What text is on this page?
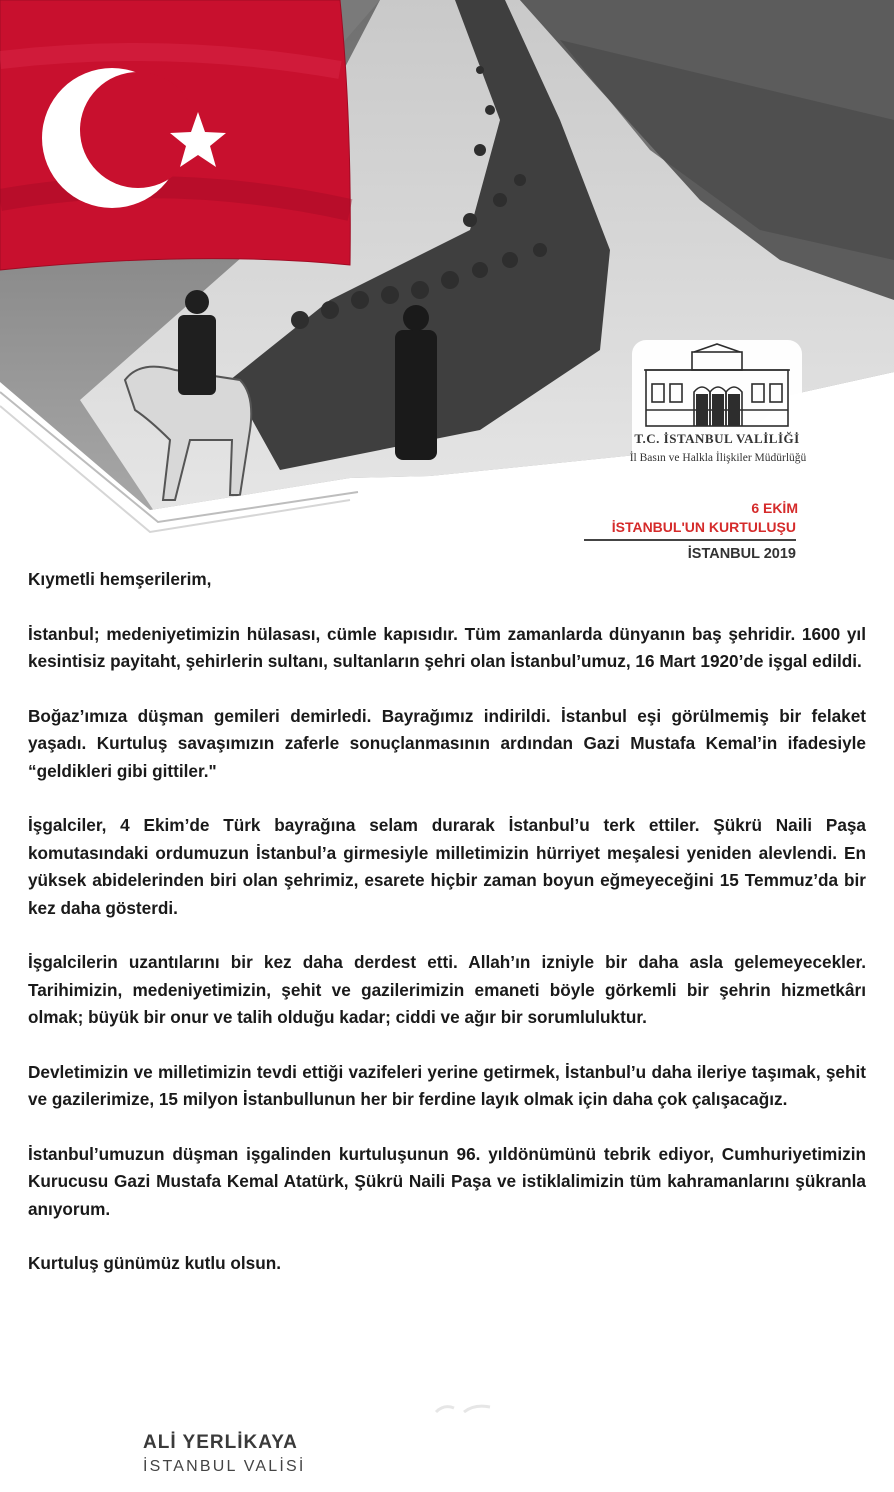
T.C. İSTANBUL VALİLİĞİ
İl Basın ve Halkla İlişkiler Müdürlüğü
6 EKİM
İSTANBUL'UN KURTULUŞU
İSTANBUL 2019

Kıymetli hemşerilerim,

İstanbul; medeniyetimizin hülasası, cümle kapısıdır. Tüm zamanlarda dünyanın baş şehridir. 1600 yıl kesintisiz payitaht, şehirlerin sultanı, sultanların şehri olan İstanbul’umuz, 16 Mart 1920’de işgal edildi.

Boğaz’ımıza düşman gemileri demirledi. Bayrağımız indirildi. İstanbul eşi görülmemiş bir felaket yaşadı. Kurtuluş savaşımızın zaferle sonuçlanmasının ardından Gazi Mustafa Kemal’in ifadesiyle “geldikleri gibi gittiler."

İşgalciler, 4 Ekim’de Türk bayrağına selam durarak İstanbul’u terk ettiler. Şükrü Naili Paşa komutasındaki ordumuzun İstanbul’a girmesiyle milletimizin hürriyet meşalesi yeniden alevlendi. En yüksek abidelerinden biri olan şehrimiz, esarete hiçbir zaman boyun eğmeyeceğini 15 Temmuz’da bir kez daha gösterdi.

İşgalcilerin uzantılarını bir kez daha derdest etti. Allah’ın izniyle bir daha asla gelemeyecekler. Tarihimizin, medeniyetimizin, şehit ve gazilerimizin emaneti böyle görkemli bir şehrin hizmetkârı olmak; büyük bir onur ve talih olduğu kadar; ciddi ve ağır bir sorumluluktur.

Devletimizin ve milletimizin tevdi ettiği vazifeleri yerine getirmek, İstanbul’u daha ileriye taşımak, şehit ve gazilerimize, 15 milyon İstanbullunun her bir ferdine layık olmak için daha çok çalışacağız.

İstanbul’umuzun düşman işgalinden kurtuluşunun 96. yıldönümünü tebrik ediyor, Cumhuriyetimizin Kurucusu Gazi Mustafa Kemal Atatürk, Şükrü Naili Paşa ve istiklalimizin tüm kahramanlarını şükranla anıyorum.

Kurtuluş günümüz kutlu olsun.

ALİ YERLİKAYA
İSTANBUL VALİSİ
